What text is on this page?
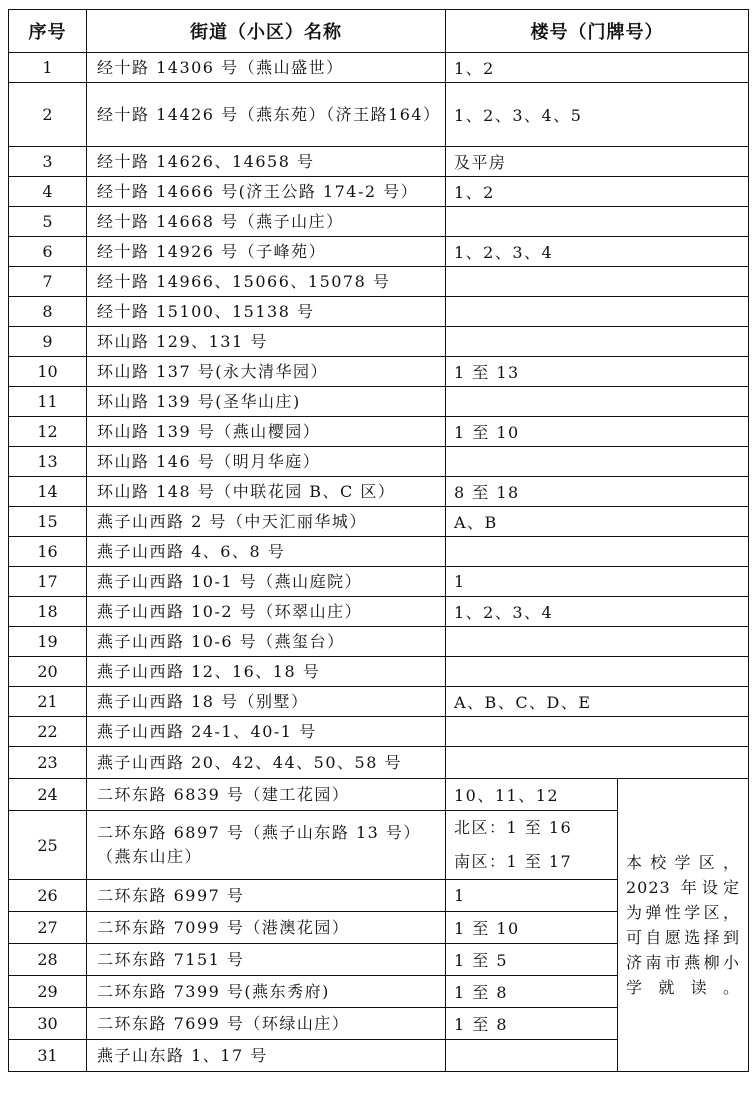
序号	街道（小区）名称	楼号（门牌号）	
1	经十路 14306 号（燕山盛世）	1、2	
2	经十路 14426 号（燕东苑）（济王路164）	1、2、3、4、5	
3	经十路 14626、14658 号	及平房	
4	经十路 14666 号(济王公路 174-2 号）	1、2	
5	经十路 14668 号（燕子山庄）		
6	经十路 14926 号（子峰苑）	1、2、3、4	
7	经十路 14966、15066、15078 号		
8	经十路 15100、15138 号		
9	环山路 129、131 号		
10	环山路 137 号(永大清华园）	1 至 13	
11	环山路 139 号(圣华山庄)		
12	环山路 139 号（燕山樱园）	1 至 10	
13	环山路 146 号（明月华庭）		
14	环山路 148 号（中联花园 B、C 区）	8 至 18	
15	燕子山西路 2 号（中天汇丽华城）	A、B	
16	燕子山西路 4、6、8 号		
17	燕子山西路 10-1 号（燕山庭院）	1	
18	燕子山西路 10-2 号（环翠山庄）	1、2、3、4	
19	燕子山西路 10-6 号（燕玺台）		
20	燕子山西路 12、16、18 号		
21	燕子山西路 18 号（别墅）	A、B、C、D、E	
22	燕子山西路 24-1、40-1 号		
23	燕子山西路 20、42、44、50、58 号		
24	二环东路 6839 号（建工花园）	10、11、12	本校学区，2023 年设定为弹性学区，可自愿选择到济南市燕柳小学就读。
25	二环东路 6897 号（燕子山东路 13 号）（燕东山庄）	北区：1 至 16
南区：1 至 17	

26	二环东路 6997 号	1	
27	二环东路 7099 号（港澳花园）	1 至 10	
28	二环东路 7151 号	1 至 5	
29	二环东路 7399 号(燕东秀府)	1 至 8	
30	二环东路 7699 号（环绿山庄）	1 至 8	
31	燕子山东路 1、17 号		
